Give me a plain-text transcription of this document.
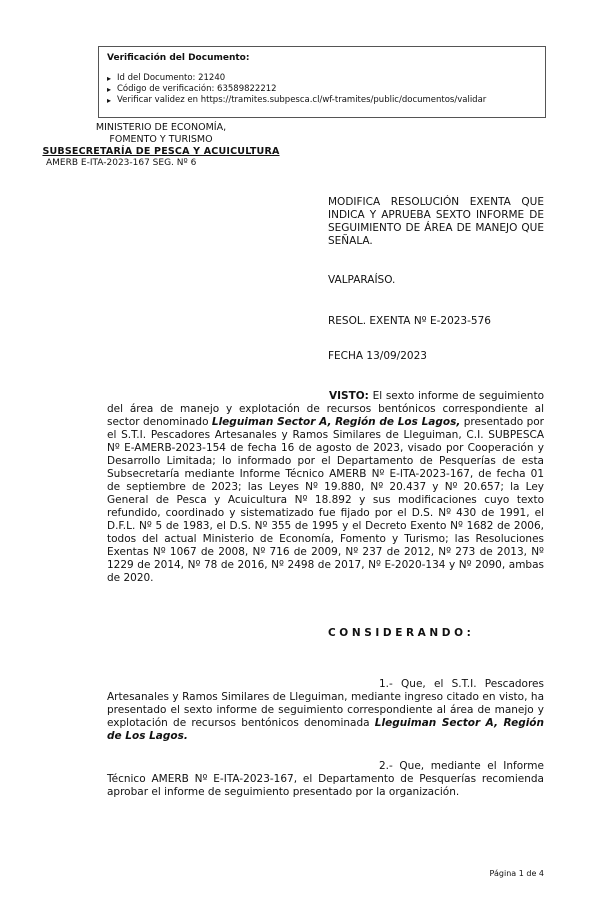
Verificación del Documento:
▸ Id del Documento: 21240
▸ Código de verificación: 63589822212
▸ Verificar validez en https://tramites.subpesca.cl/wf-tramites/public/documentos/validar
MINISTERIO DE ECONOMÍA,
FOMENTO Y TURISMO
SUBSECRETARÍA DE PESCA Y ACUICULTURA
AMERB E-ITA-2023-167 SEG. Nº 6
MODIFICA RESOLUCIÓN EXENTA QUE INDICA Y APRUEBA SEXTO INFORME DE SEGUIMIENTO DE ÁREA DE MANEJO QUE SEÑALA.
VALPARAÍSO.
RESOL. EXENTA Nº E-2023-576
FECHA 13/09/2023
VISTO: El sexto informe de seguimiento del área de manejo y explotación de recursos bentónicos correspondiente al sector denominado Lleguiman Sector A, Región de Los Lagos, presentado por el S.T.I. Pescadores Artesanales y Ramos Similares de Lleguiman, C.I. SUBPESCA Nº E-AMERB-2023-154 de fecha 16 de agosto de 2023, visado por Cooperación y Desarrollo Limitada; lo informado por el Departamento de Pesquerías de esta Subsecretaría mediante Informe Técnico AMERB Nº E-ITA-2023-167, de fecha 01 de septiembre de 2023; las Leyes Nº 19.880, Nº 20.437 y Nº 20.657; la Ley General de Pesca y Acuicultura Nº 18.892 y sus modificaciones cuyo texto refundido, coordinado y sistematizado fue fijado por el D.S. Nº 430 de 1991, el D.F.L. Nº 5 de 1983, el D.S. Nº 355 de 1995 y el Decreto Exento Nº 1682 de 2006, todos del actual Ministerio de Economía, Fomento y Turismo; las Resoluciones Exentas Nº 1067 de 2008, Nº 716 de 2009, Nº 237 de 2012, Nº 273 de 2013, Nº 1229 de 2014, Nº 78 de 2016, Nº 2498 de 2017, Nº E-2020-134 y Nº 2090, ambas de 2020.
CONSIDERANDO:
1.- Que, el S.T.I. Pescadores Artesanales y Ramos Similares de Lleguiman, mediante ingreso citado en visto, ha presentado el sexto informe de seguimiento correspondiente al área de manejo y explotación de recursos bentónicos denominada Lleguiman Sector A, Región de Los Lagos.
2.- Que, mediante el Informe Técnico AMERB Nº E-ITA-2023-167, el Departamento de Pesquerías recomienda aprobar el informe de seguimiento presentado por la organización.
Página 1 de 4
